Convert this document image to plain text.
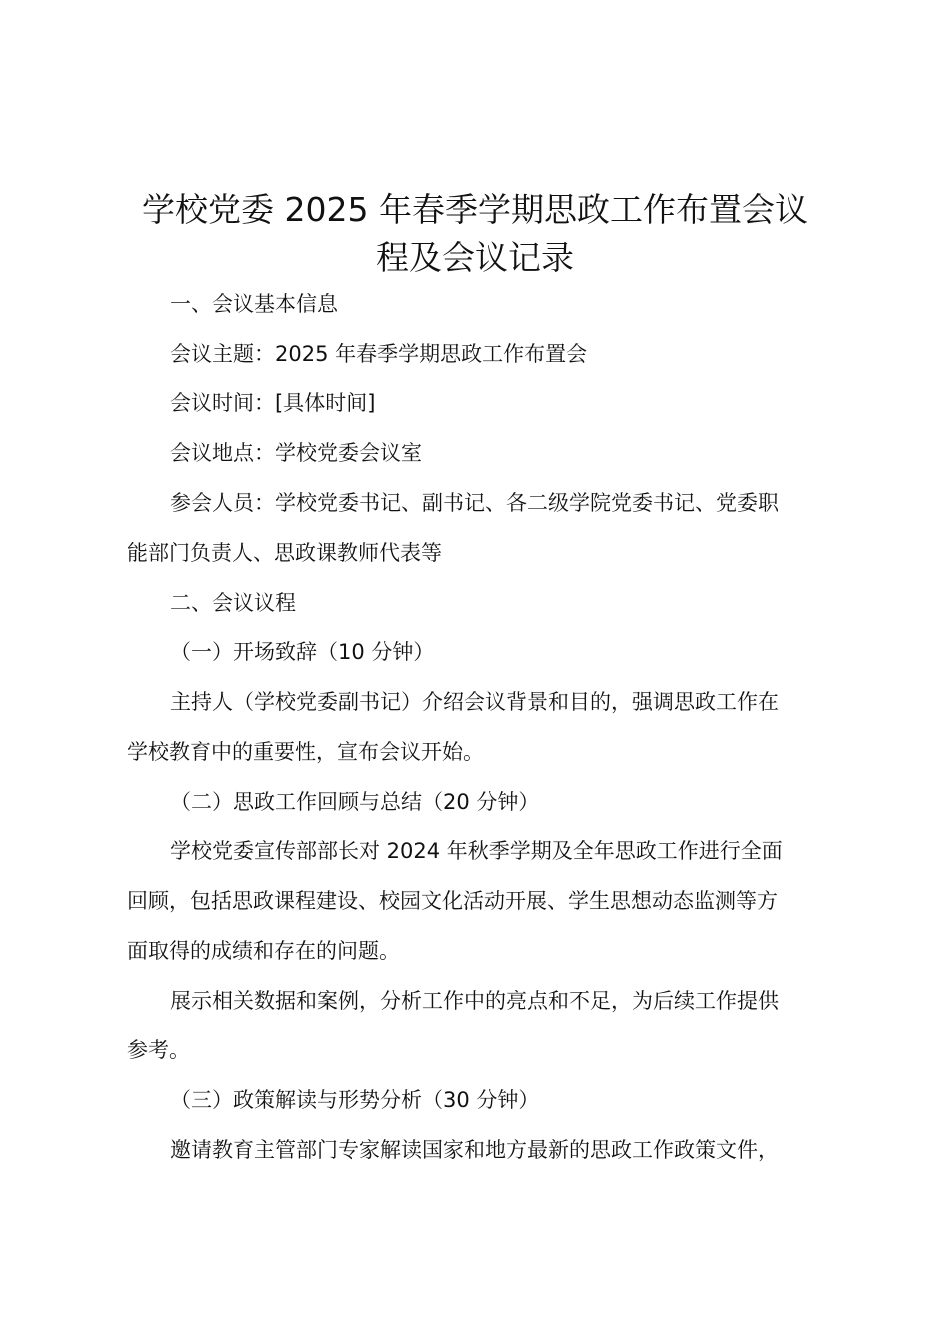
学校党委 2025 年春季学期思政工作布置会议
程及会议记录

一、会议基本信息

会议主题：2025 年春季学期思政工作布置会

会议时间：[具体时间]

会议地点：学校党委会议室

参会人员：学校党委书记、副书记、各二级学院党委书记、党委职

能部门负责人、思政课教师代表等

二、会议议程

（一）开场致辞（10 分钟）

主持人（学校党委副书记）介绍会议背景和目的，强调思政工作在

学校教育中的重要性，宣布会议开始。

（二）思政工作回顾与总结（20 分钟）

学校党委宣传部部长对 2024 年秋季学期及全年思政工作进行全面

回顾，包括思政课程建设、校园文化活动开展、学生思想动态监测等方

面取得的成绩和存在的问题。

展示相关数据和案例，分析工作中的亮点和不足，为后续工作提供

参考。

（三）政策解读与形势分析（30 分钟）

邀请教育主管部门专家解读国家和地方最新的思政工作政策文件，
